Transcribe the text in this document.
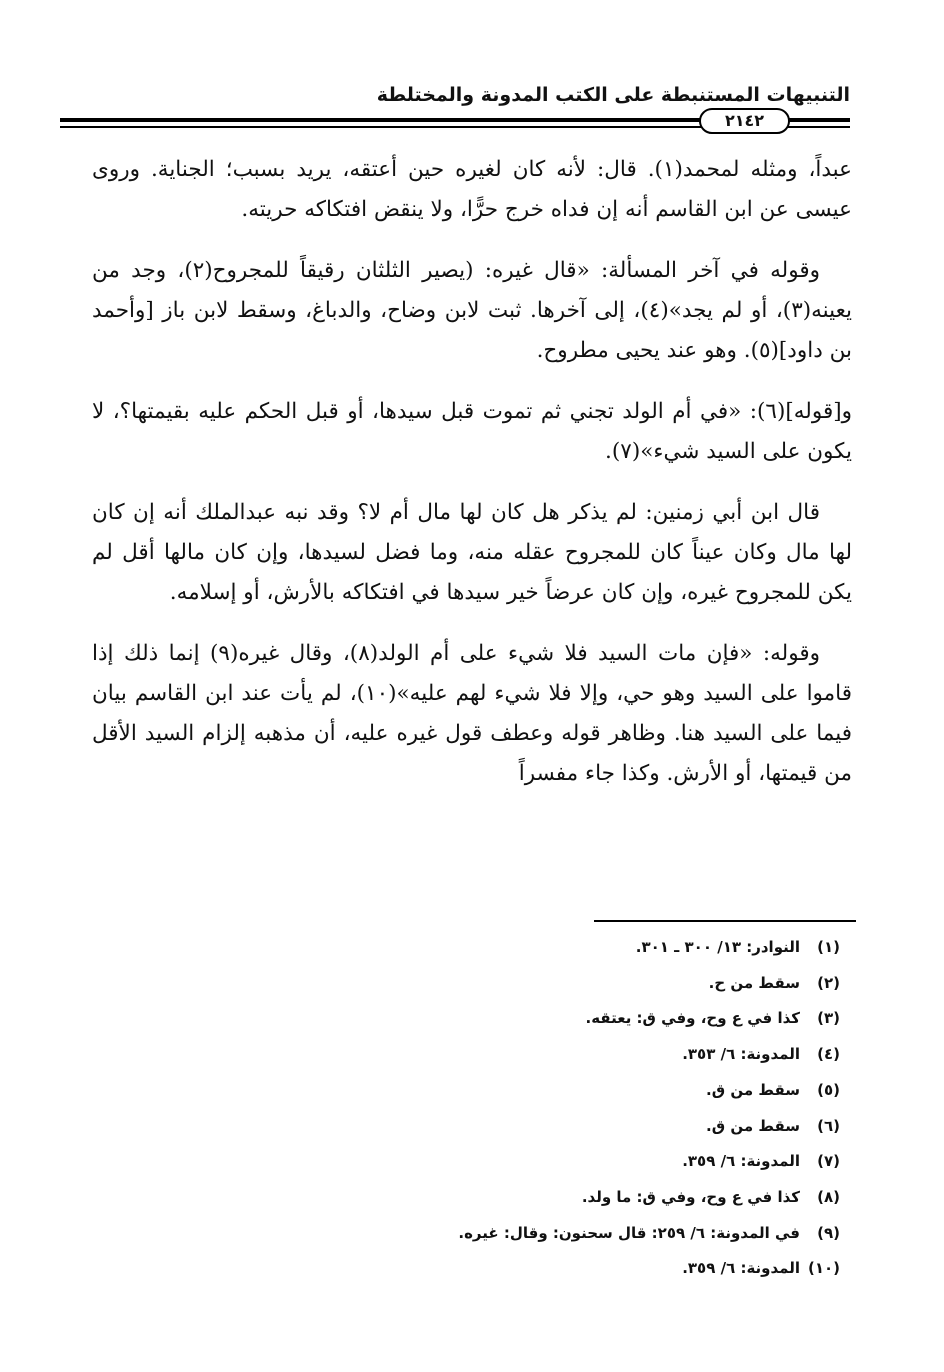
التنبيهات المستنبطة على الكتب المدونة والمختلطة
٢١٤٢

عبداً، ومثله لمحمد(١). قال: لأنه كان لغيره حين أعتقه، يريد بسبب؛ الجناية. وروى عيسى عن ابن القاسم أنه إن فداه خرج حرًّا، ولا ينقض افتكاكه حريته.

وقوله في آخر المسألة: «قال غيره: (يصير الثلثان رقيقاً للمجروح(٢)، وجد من يعينه(٣)، أو لم يجد»(٤)، إلى آخرها. ثبت لابن وضاح، والدباغ، وسقط لابن باز [وأحمد بن داود](٥). وهو عند يحيى مطروح.

و[قوله](٦): «في أم الولد تجني ثم تموت قبل سيدها، أو قبل الحكم عليه بقيمتها؟، لا يكون على السيد شيء»(٧).

قال ابن أبي زمنين: لم يذكر هل كان لها مال أم لا؟ وقد نبه عبدالملك أنه إن كان لها مال وكان عيناً كان للمجروح عقله منه، وما فضل لسيدها، وإن كان مالها أقل لم يكن للمجروح غيره، وإن كان عرضاً خير سيدها في افتكاكه بالأرش، أو إسلامه.

وقوله: «فإن مات السيد فلا شيء على أم الولد(٨)، وقال غيره(٩) إنما ذلك إذا قاموا على السيد وهو حي، وإلا فلا شيء لهم عليه»(١٠)، لم يأت عند ابن القاسم بيان فيما على السيد هنا. وظاهر قوله وعطف قول غيره عليه، أن مذهبه إلزام السيد الأقل من قيمتها، أو الأرش. وكذا جاء مفسراً

(١)النوادر: ١٣/ ٣٠٠ ـ ٣٠١.
(٢)سقط من ح.
(٣)كذا في ع وح، وفي ق: يعتقه.
(٤)المدونة: ٦/ ٣٥٣.
(٥)سقط من ق.
(٦)سقط من ق.
(٧)المدونة: ٦/ ٣٥٩.
(٨)كذا في ع وح، وفي ق: ما ولد.
(٩)في المدونة: ٦/ ٢٥٩: قال سحنون: وقال: غيره.
(١٠)المدونة: ٦/ ٣٥٩.
